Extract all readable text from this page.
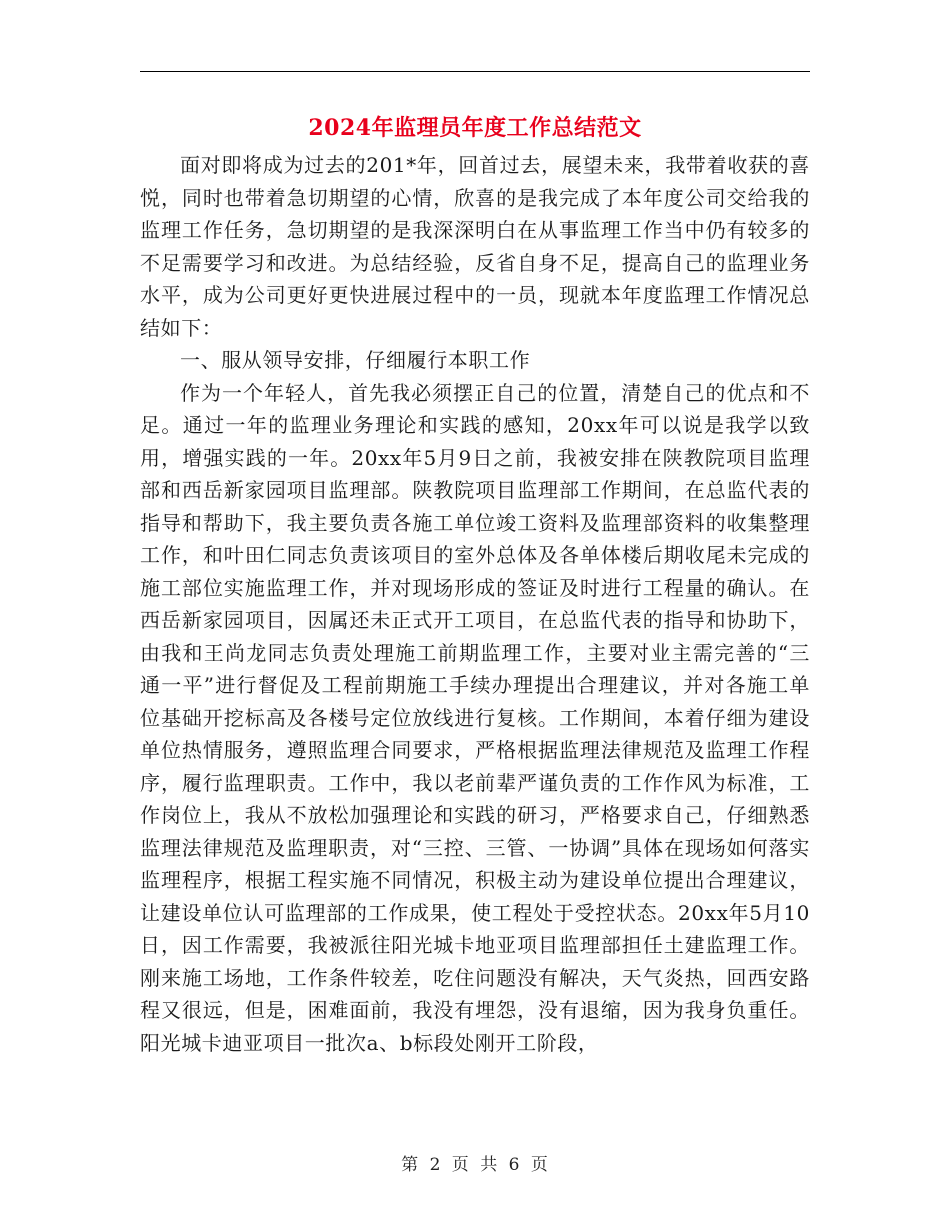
2024年监理员年度工作总结范文

面对即将成为过去的201*年，回首过去，展望未来，我带着收获的喜悦，同时也带着急切期望的心情，欣喜的是我完成了本年度公司交给我的监理工作任务，急切期望的是我深深明白在从事监理工作当中仍有较多的不足需要学习和改进。为总结经验，反省自身不足，提高自己的监理业务水平，成为公司更好更快进展过程中的一员，现就本年度监理工作情况总结如下：

一、服从领导安排，仔细履行本职工作

作为一个年轻人，首先我必须摆正自己的位置，清楚自己的优点和不足。通过一年的监理业务理论和实践的感知，20xx年可以说是我学以致用，增强实践的一年。20xx年5月9日之前，我被安排在陕教院项目监理部和西岳新家园项目监理部。陕教院项目监理部工作期间，在总监代表的指导和帮助下，我主要负责各施工单位竣工资料及监理部资料的收集整理工作，和叶田仁同志负责该项目的室外总体及各单体楼后期收尾未完成的施工部位实施监理工作，并对现场形成的签证及时进行工程量的确认。在西岳新家园项目，因属还未正式开工项目，在总监代表的指导和协助下，由我和王尚龙同志负责处理施工前期监理工作，主要对业主需完善的“三通一平”进行督促及工程前期施工手续办理提出合理建议，并对各施工单位基础开挖标高及各楼号定位放线进行复核。工作期间，本着仔细为建设单位热情服务，遵照监理合同要求，严格根据监理法律规范及监理工作程序，履行监理职责。工作中，我以老前辈严谨负责的工作作风为标准，工作岗位上，我从不放松加强理论和实践的研习，严格要求自己，仔细熟悉监理法律规范及监理职责，对“三控、三管、一协调”具体在现场如何落实监理程序，根据工程实施不同情况，积极主动为建设单位提出合理建议，让建设单位认可监理部的工作成果，使工程处于受控状态。20xx年5月10日，因工作需要，我被派往阳光城卡地亚项目监理部担任土建监理工作。刚来施工场地，工作条件较差，吃住问题没有解决，天气炎热，回西安路程又很远，但是，困难面前，我没有埋怨，没有退缩，因为我身负重任。阳光城卡迪亚项目一批次a、b标段处刚开工阶段，

第 2 页 共 6 页
